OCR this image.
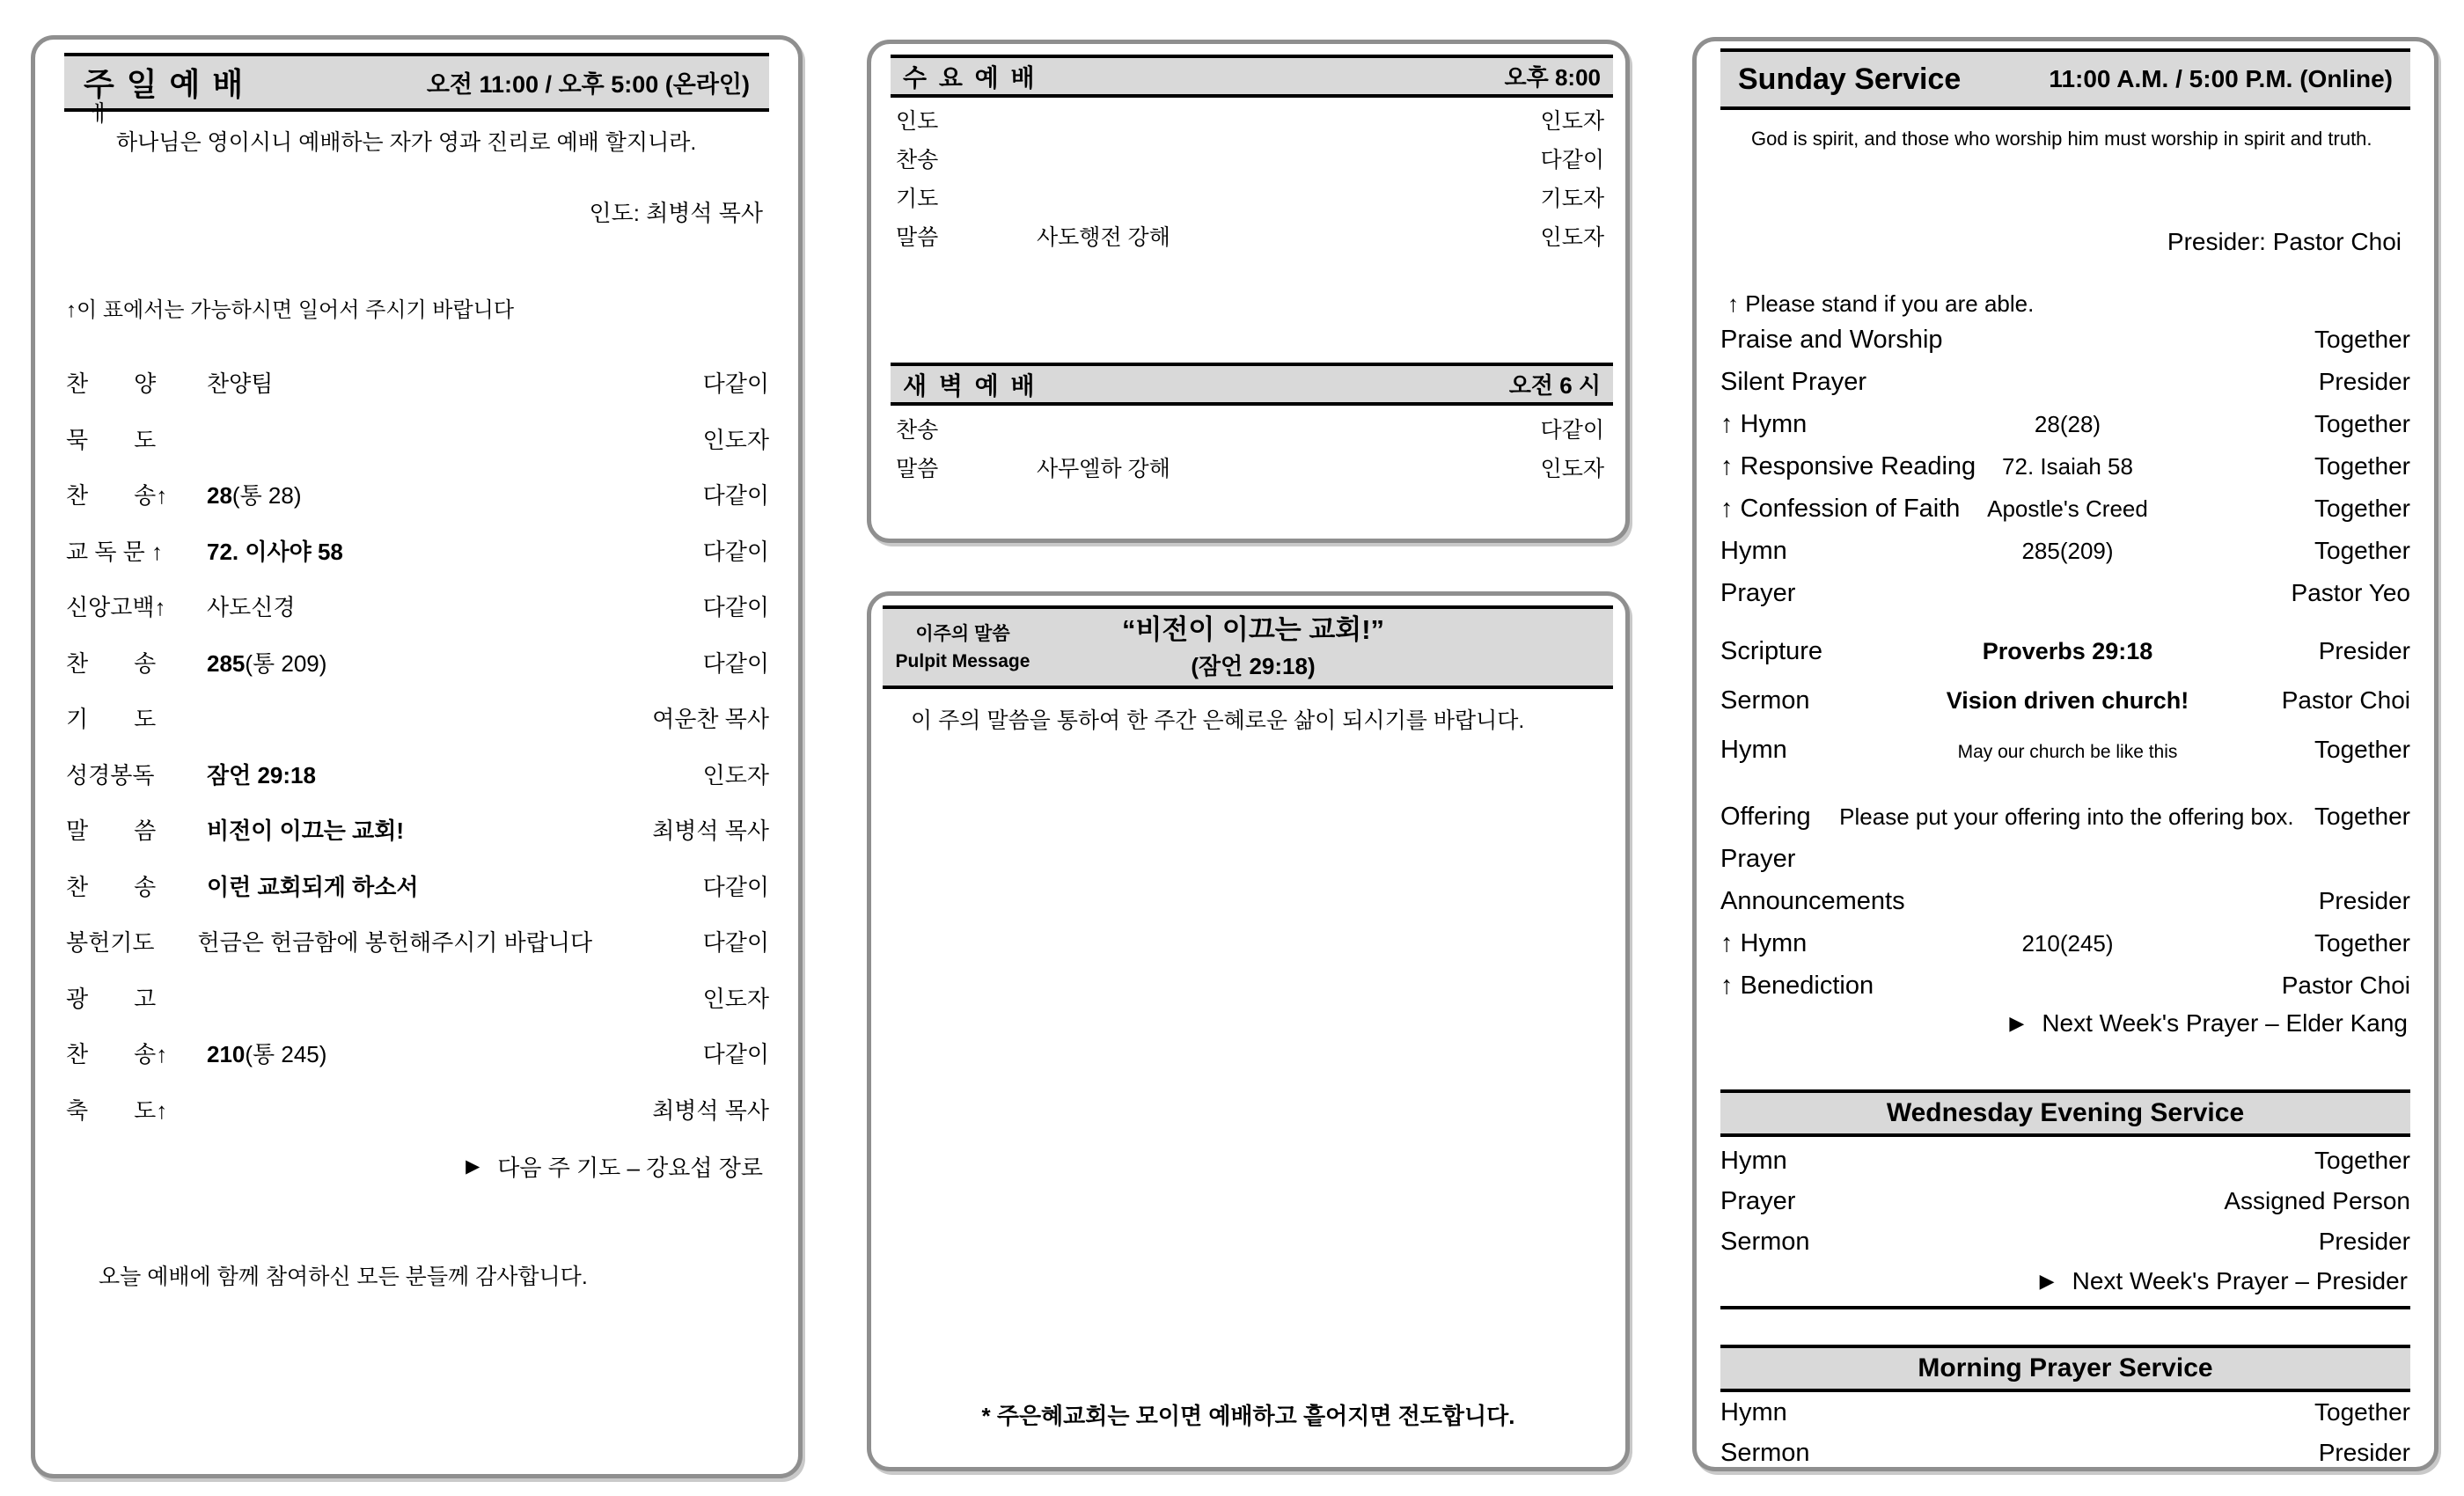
주 일 예 배	오전 11:00 / 오후 5:00 (온라인)
ㅔ
하나님은 영이시니 예배하는 자가 영과 진리로 예배 할지니라.
인도: 최병석 목사
↑이 표에서는 가능하시면 일어서 주시기 바랍니다
찬　　양	찬양팀	다같이
묵　　도	인도자
찬　　송↑	28(통 28)	다같이
교 독 문 ↑	72. 이사야 58	다같이
신앙고백↑	사도신경	다같이
찬　　송	285(통 209)	다같이
기　　도	여운찬 목사
성경봉독	잠언 29:18	인도자
말　　씀	비전이 이끄는 교회!	최병석 목사
찬　　송	이런 교회되게 하소서	다같이
봉헌기도	헌금은 헌금함에 봉헌해주시기 바랍니다	다같이
광　　고	인도자
찬　　송↑	210(통 245)	다같이
축　　도↑	최병석 목사
▶ 다음 주 기도 – 강요섭 장로
오늘 예배에 함께 참여하신 모든 분들께 감사합니다.
수 요 예 배	오후 8:00
인도	인도자
찬송	다같이
기도	기도자
말씀	사도행전 강해	인도자
새 벽 예 배	오전 6 시
찬송	다같이
말씀	사무엘하 강해	인도자
이주의 말씀
Pulpit Message
“비전이 이끄는 교회!”
(잠언 29:18)
이 주의 말씀을 통하여 한 주간 은혜로운 삶이 되시기를 바랍니다.
* 주은혜교회는 모이면 예배하고 흩어지면 전도합니다.
Sunday Service	11:00 A.M. / 5:00 P.M. (Online)
God is spirit, and those who worship him must worship in spirit and truth.
Presider: Pastor Choi
↑ Please stand if you are able.
Praise and Worship	Together
Silent Prayer	Presider
↑ Hymn	28(28)	Together
↑ Responsive Reading	72. Isaiah 58	Together
↑ Confession of Faith	Apostle's Creed	Together
Hymn	285(209)	Together
Prayer	Pastor Yeo
Scripture	Proverbs 29:18	Presider
Sermon	Vision driven church!	Pastor Choi
Hymn	May our church be like this	Together
Offering	Please put your offering into the offering box. Together
Prayer
Announcements	Presider
↑ Hymn	210(245)	Together
↑ Benediction	Pastor Choi
▶ Next Week's Prayer – Elder Kang
Wednesday Evening Service
Hymn	Together
Prayer	Assigned Person
Sermon	Presider
▶ Next Week's Prayer – Presider
Morning Prayer Service
Hymn	Together
Sermon	Presider
